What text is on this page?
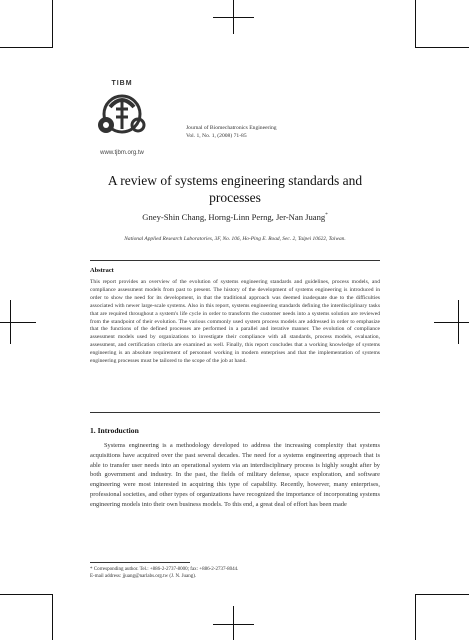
TIBM
www.tjbm.org.tw
Journal of Biomechatronics Engineering
Vol. 1, No. 1, (2008) 71-85
A review of systems engineering standards and processes
Gney-Shin Chang, Horng-Linn Perng, Jer-Nan Juang*
National Applied Research Laboratories, 3F, No. 106, Ho-Ping E. Road, Sec. 2, Taipei 10622, Taiwan.
Abstract
This report provides an overview of the evolution of systems engineering standards and guidelines, process models, and compliance assessment models from past to present. The history of the development of systems engineering is introduced in order to show the need for its development, in that the traditional approach was deemed inadequate due to the difficulties associated with newer large-scale systems. Also in this report, systems engineering standards defining the interdisciplinary tasks that are required throughout a system's life cycle in order to transform the customer needs into a systems solution are reviewed from the standpoint of their evolution. The various commonly used system process models are addressed in order to emphasize that the functions of the defined processes are performed in a parallel and iterative manner. The evolution of compliance assessment models used by organizations to investigate their compliance with all standards, process models, evaluation, assessment, and certification criteria are examined as well. Finally, this report concludes that a working knowledge of systems engineering is an absolute requirement of personnel working in modern enterprises and that the implementation of systems engineering processes must be tailored to the scope of the job at hand.
1. Introduction
Systems engineering is a methodology developed to address the increasing complexity that systems acquisitions have acquired over the past several decades. The need for a systems engineering approach that is able to transfer user needs into an operational system via an interdisciplinary process is highly sought after by both government and industry. In the past, the fields of military defense, space exploration, and software engineering were most interested in acquiring this type of capability. Recently, however, many enterprises, professional societies, and other types of organizations have recognized the importance of incorporating systems engineering models into their own business models. To this end, a great deal of effort has been made
* Corresponding author. Tel.: +886-2-2737-8000; fax: +886-2-2737-8044.
E-mail address: jjuang@narlabs.org.tw (J. N. Juang).
